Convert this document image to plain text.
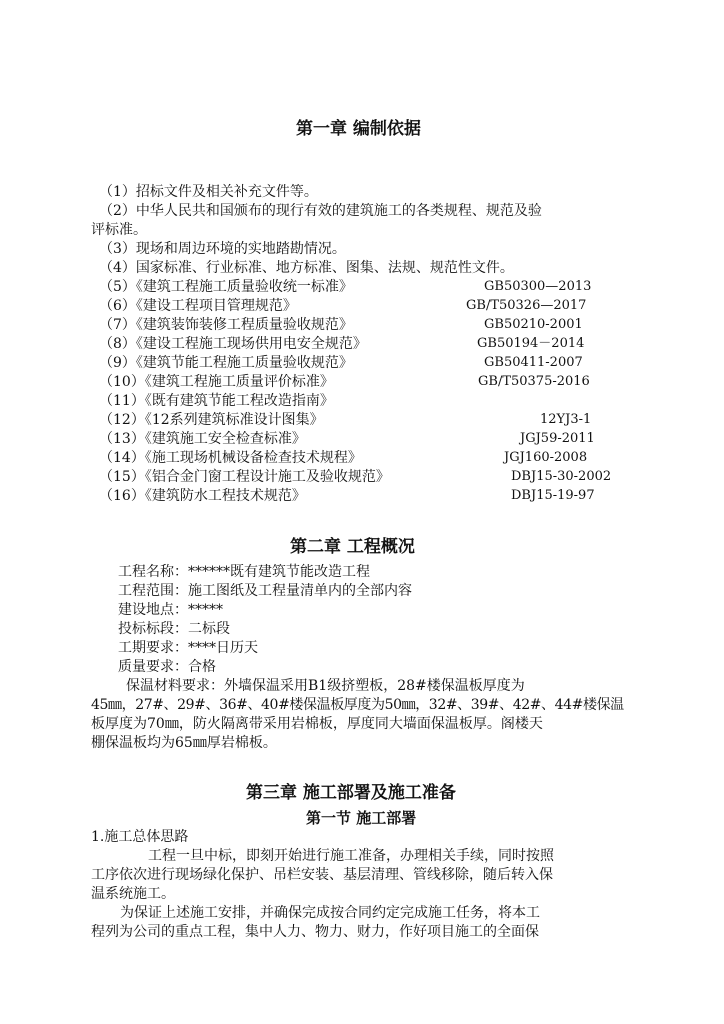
第一章 编制依据
（1）招标文件及相关补充文件等。
（2）中华人民共和国颁布的现行有效的建筑施工的各类规程、规范及验
评标准。
（3）现场和周边环境的实地踏勘情况。
（4）国家标准、行业标准、地方标准、图集、法规、规范性文件。
（5）《建筑工程施工质量验收统一标准》	GB50300—2013
（6）《建设工程项目管理规范》	GB/T50326—2017
（7）《建筑装饰装修工程质量验收规范》	GB50210-2001
（8）《建设工程施工现场供用电安全规范》	GB50194－2014
（9）《建筑节能工程施工质量验收规范》	GB50411-2007
（10）《建筑工程施工质量评价标准》	GB/T50375-2016
（11）《既有建筑节能工程改造指南》
（12）《12系列建筑标准设计图集》	12YJ3-1
（13）《建筑施工安全检查标准》	JGJ59-2011
（14）《施工现场机械设备检查技术规程》	JGJ160-2008
（15）《铝合金门窗工程设计施工及验收规范》	DBJ15-30-2002
（16）《建筑防水工程技术规范》	DBJ15-19-97
第二章 工程概况
工程名称：******既有建筑节能改造工程
工程范围：施工图纸及工程量清单内的全部内容
建设地点：*****
投标标段：二标段
工期要求：****日历天
质量要求：合格
保温材料要求：外墙保温采用B1级挤塑板，28#楼保温板厚度为
45㎜，27#、29#、36#、40#楼保温板厚度为50㎜，32#、39#、42#、44#楼保温
板厚度为70㎜，防火隔离带采用岩棉板，厚度同大墙面保温板厚。阁楼天
棚保温板均为65㎜厚岩棉板。
第三章 施工部署及施工准备
第一节 施工部署
1.施工总体思路
工程一旦中标，即刻开始进行施工准备，办理相关手续，同时按照
工序依次进行现场绿化保护、吊栏安装、基层清理、管线移除，随后转入保
温系统施工。
为保证上述施工安排，并确保完成按合同约定完成施工任务，将本工
程列为公司的重点工程，集中人力、物力、财力，作好项目施工的全面保
